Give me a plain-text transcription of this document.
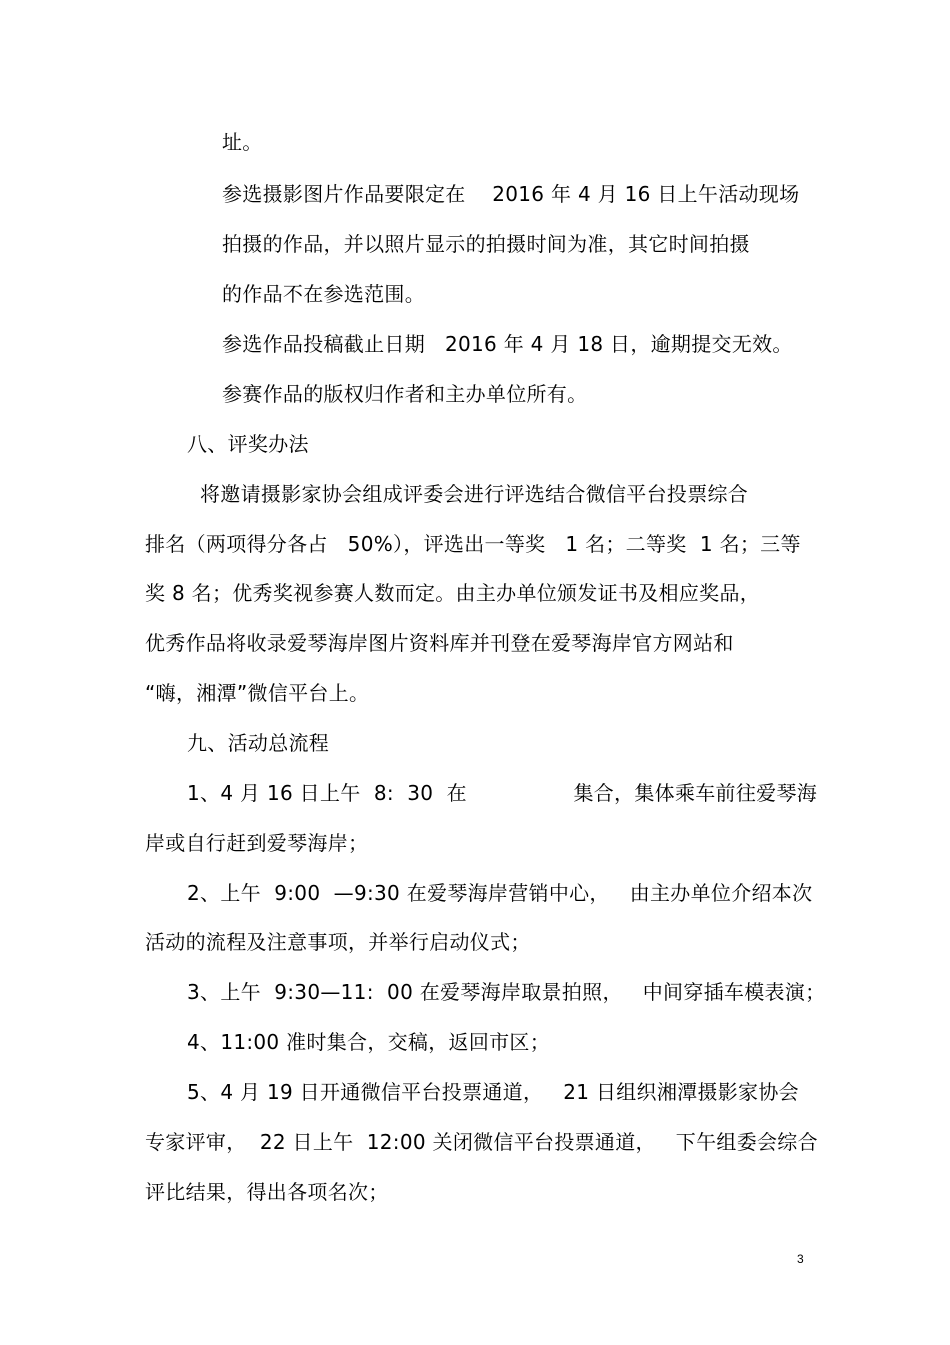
址。
参选摄影图片作品要限定在    2016 年 4 月 16 日上午活动现场
拍摄的作品，并以照片显示的拍摄时间为准，其它时间拍摄
的作品不在参选范围。
参选作品投稿截止日期   2016 年 4 月 18 日，逾期提交无效。
参赛作品的版权归作者和主办单位所有。
八、评奖办法
将邀请摄影家协会组成评委会进行评选结合微信平台投票综合
排名（两项得分各占   50%），评选出一等奖   1 名；二等奖  1 名；三等
奖 8 名；优秀奖视参赛人数而定。由主办单位颁发证书及相应奖品，
优秀作品将收录爱琴海岸图片资料库并刊登在爱琴海岸官方网站和
“嗨，湘潭”微信平台上。
九、活动总流程
1、4 月 16 日上午  8:  30  在                集合，集体乘车前往爱琴海
岸或自行赶到爱琴海岸；
2、上午  9:00  —9:30 在爱琴海岸营销中心，   由主办单位介绍本次
活动的流程及注意事项，并举行启动仪式；
3、上午  9:30—11:  00 在爱琴海岸取景拍照，   中间穿插车模表演；
4、11:00 准时集合，交稿，返回市区；
5、4 月 19 日开通微信平台投票通道，   21 日组织湘潭摄影家协会
专家评审，  22 日上午  12:00 关闭微信平台投票通道，   下午组委会综合
评比结果，得出各项名次；
3
